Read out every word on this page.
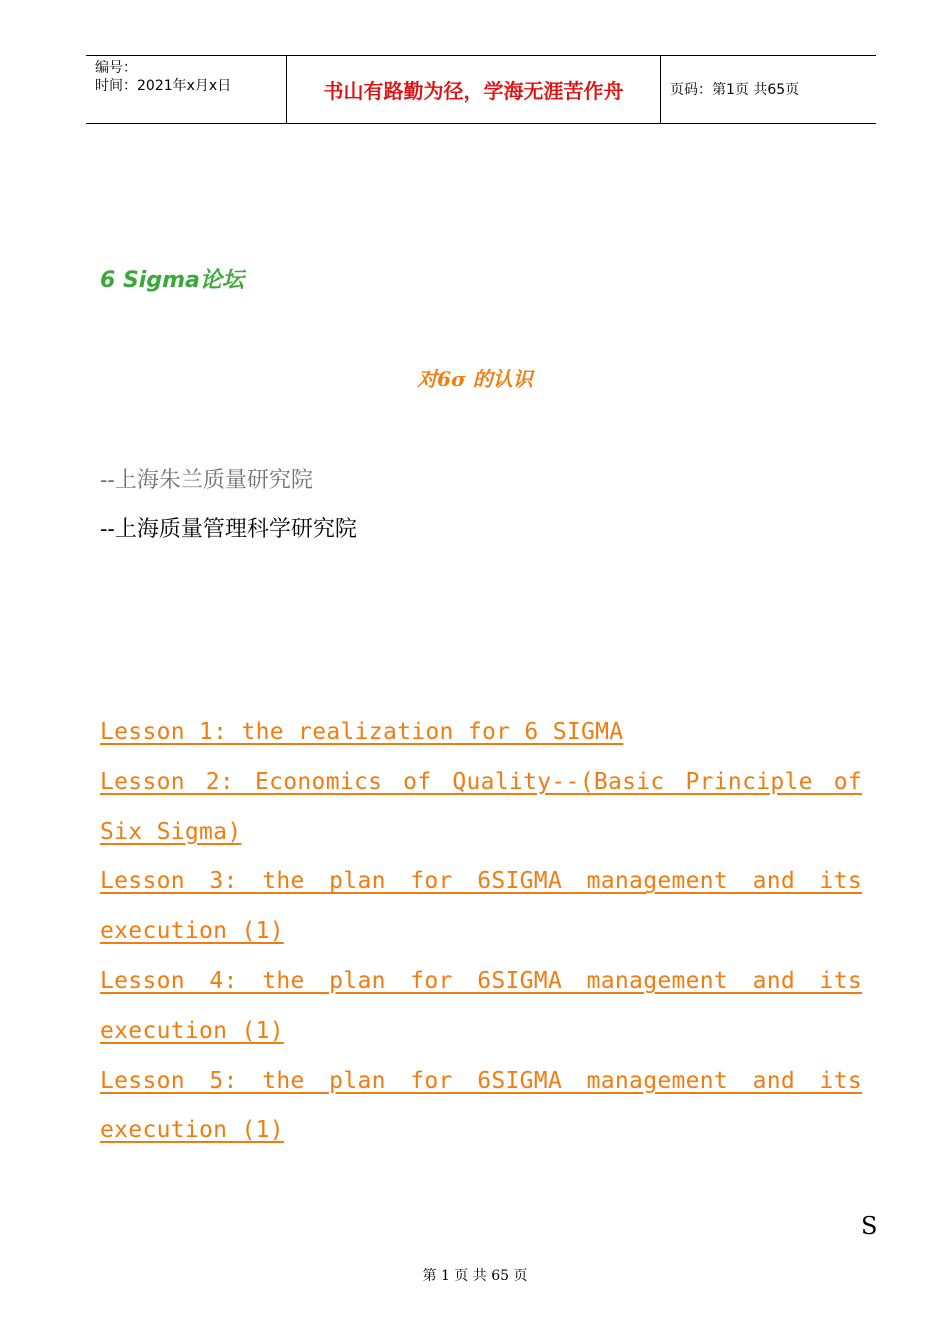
编号：
时间：2021年x月x日	书山有路勤为径，学海无涯苦作舟	页码：第1页 共65页
6 Sigma论坛
对6σ 的认识
--上海朱兰质量研究院
--上海质量管理科学研究院
Lesson 1: the realization for 6 SIGMA
Lesson 2: Economics of Quality--(Basic Principle of Six Sigma)
Lesson 3: the plan for 6SIGMA management and its execution (1)
Lesson 4: the plan for 6SIGMA management and its execution (1)
Lesson 5: the plan for 6SIGMA management and its execution (1)
S
第 1 页 共 65 页
